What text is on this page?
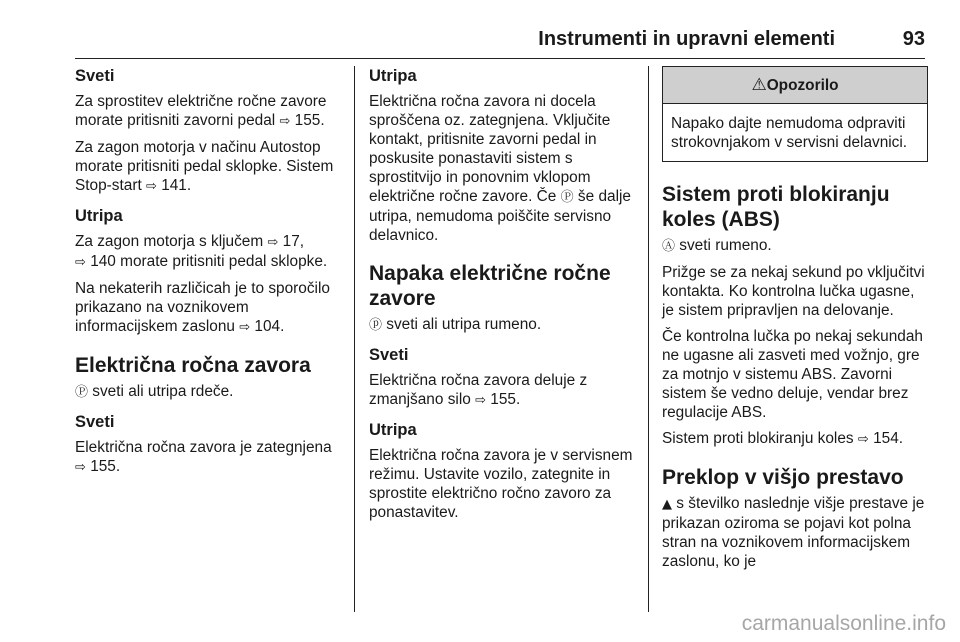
Instrumenti in upravni elementi	93
Sveti

Za sprostitev električne ročne zavore morate pritisniti zavorni pedal ⇨ 155.

Za zagon motorja v načinu Autostop morate pritisniti pedal sklopke. Sistem Stop-start ⇨ 141.

Utripa

Za zagon motorja s ključem ⇨ 17,
⇨ 140 morate pritisniti pedal sklopke.

Na nekaterih različicah je to sporočilo prikazano na voznikovem informacijskem zaslonu ⇨ 104.

Električna ročna zavora

Ⓟ sveti ali utripa rdeče.

Sveti

Električna ročna zavora je zategnjena
⇨ 155.

Utripa

Električna ročna zavora ni docela sproščena oz. zategnjena. Vključite kontakt, pritisnite zavorni pedal in poskusite ponastaviti sistem s sprostitvijo in ponovnim vklopom električne ročne zavore. Če Ⓟ še dalje utripa, nemudoma poiščite servisno delavnico.

Napaka električne ročne zavore

ⓟ sveti ali utripa rumeno.

Sveti

Električna ročna zavora deluje z zmanjšano silo ⇨ 155.

Utripa

Električna ročna zavora je v servisnem režimu. Ustavite vozilo, zategnite in sprostite električno ročno zavoro za ponastavitev.

⚠Opozorilo
Napako dajte nemudoma odpraviti strokovnjakom v servisni delavnici.
Sistem proti blokiranju koles (ABS)

Ⓐ sveti rumeno.

Prižge se za nekaj sekund po vključitvi kontakta. Ko kontrolna lučka ugasne, je sistem pripravljen na delovanje.

Če kontrolna lučka po nekaj sekundah ne ugasne ali zasveti med vožnjo, gre za motnjo v sistemu ABS. Zavorni sistem še vedno deluje, vendar brez regulacije ABS.

Sistem proti blokiranju koles ⇨ 154.

Preklop v višjo prestavo

▲ s številko naslednje višje prestave je prikazan oziroma se pojavi kot polna stran na voznikovem informacijskem zaslonu, ko je

carmanualsonline.info
